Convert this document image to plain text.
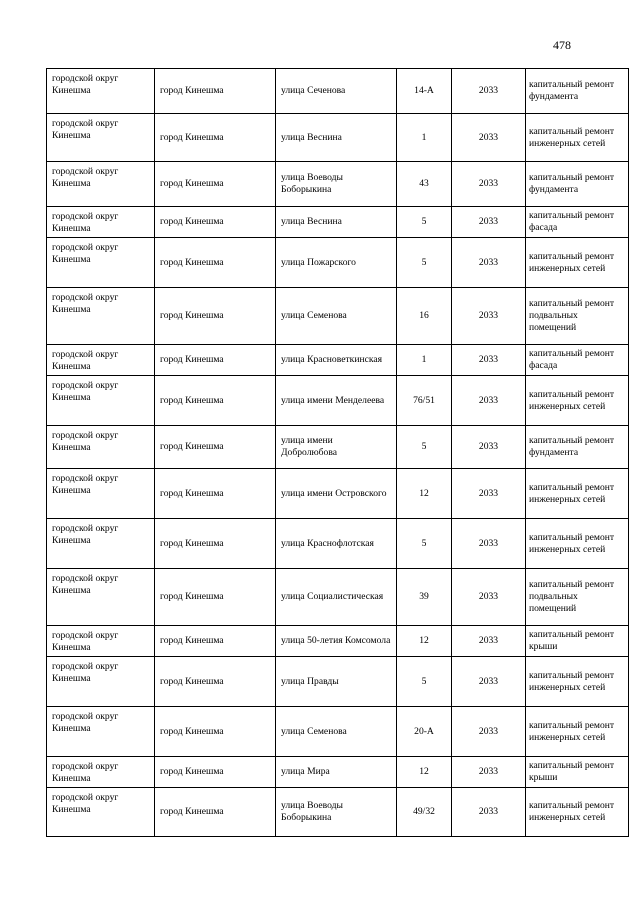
478
городской округ Кинешма	город Кинешма	улица Сеченова	14-А	2033	капитальный ремонт фундамента
городской округ Кинешма	город Кинешма	улица Веснина	1	2033	капитальный ремонт инженерных сетей
городской округ Кинешма	город Кинешма	улица Воеводы Боборыкина	43	2033	капитальный ремонт фундамента
городской округ Кинешма	город Кинешма	улица Веснина	5	2033	капитальный ремонт фасада
городской округ Кинешма	город Кинешма	улица Пожарского	5	2033	капитальный ремонт инженерных сетей
городской округ Кинешма	город Кинешма	улица Семенова	16	2033	капитальный ремонт подвальных помещений
городской округ Кинешма	город Кинешма	улица Красноветкинская	1	2033	капитальный ремонт фасада
городской округ Кинешма	город Кинешма	улица имени Менделеева	76/51	2033	капитальный ремонт инженерных сетей
городской округ Кинешма	город Кинешма	улица имени Добролюбова	5	2033	капитальный ремонт фундамента
городской округ Кинешма	город Кинешма	улица имени Островского	12	2033	капитальный ремонт инженерных сетей
городской округ Кинешма	город Кинешма	улица Краснофлотская	5	2033	капитальный ремонт инженерных сетей
городской округ Кинешма	город Кинешма	улица Социалистическая	39	2033	капитальный ремонт подвальных помещений
городской округ Кинешма	город Кинешма	улица 50-летия Комсомола	12	2033	капитальный ремонт крыши
городской округ Кинешма	город Кинешма	улица Правды	5	2033	капитальный ремонт инженерных сетей
городской округ Кинешма	город Кинешма	улица Семенова	20-А	2033	капитальный ремонт инженерных сетей
городской округ Кинешма	город Кинешма	улица Мира	12	2033	капитальный ремонт крыши
городской округ Кинешма	город Кинешма	улица Воеводы Боборыкина	49/32	2033	капитальный ремонт инженерных сетей
